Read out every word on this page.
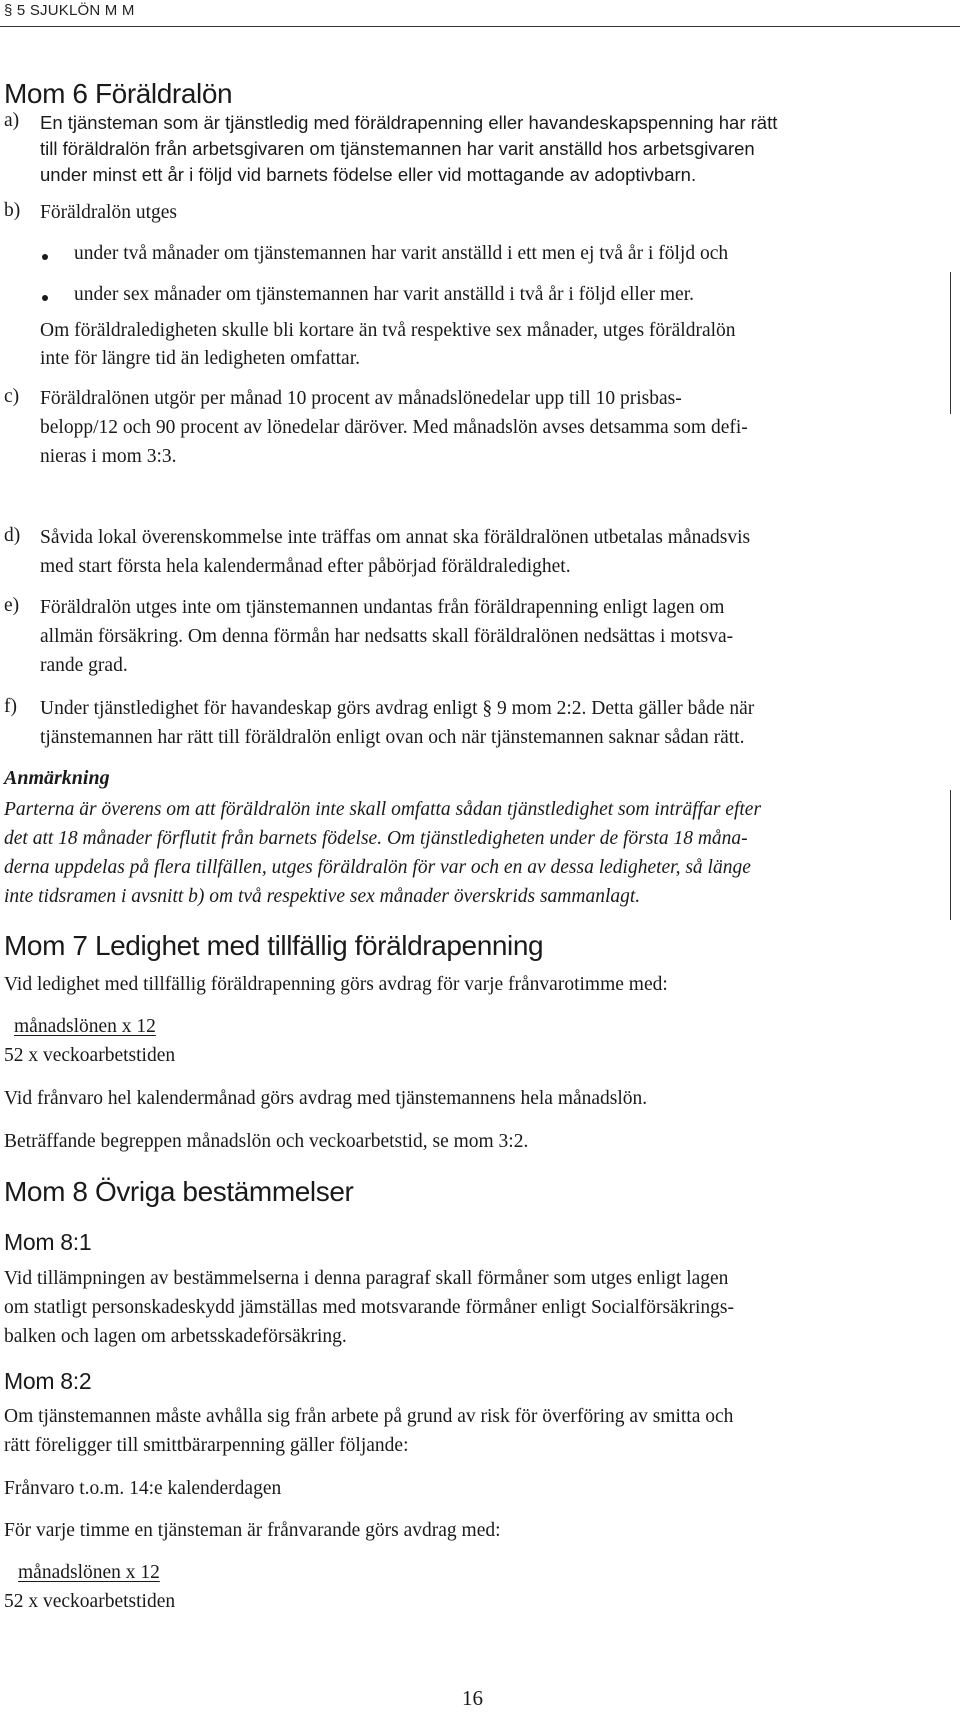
§ 5 SJUKLÖN M M
Mom 6 Föräldralön
a) En tjänsteman som är tjänstledig med föräldrapenning eller havandeskapspenning har rätt
till föräldralön från arbetsgivaren om tjänstemannen har varit anställd hos arbetsgivaren
under minst ett år i följd vid barnets födelse eller vid mottagande av adoptivbarn.
b) Föräldralön utges
under två månader om tjänstemannen har varit anställd i ett men ej två år i följd och
under sex månader om tjänstemannen har varit anställd i två år i följd eller mer.
Om föräldraledigheten skulle bli kortare än två respektive sex månader, utges föräldralön
inte för längre tid än ledigheten omfattar.
c) Föräldralönen utgör per månad 10 procent av månadslönedelar upp till 10 prisbas-
belopp/12 och 90 procent av lönedelar däröver. Med månadslön avses detsamma som defi-
nieras i mom 3:3.
d) Såvida lokal överenskommelse inte träffas om annat ska föräldralönen utbetalas månadsvis
med start första hela kalendermånad efter påbörjad föräldraledighet.
e) Föräldralön utges inte om tjänstemannen undantas från föräldrapenning enligt lagen om
allmän försäkring. Om denna förmån har nedsatts skall föräldralönen nedsättas i motsva-
rande grad.
f) Under tjänstledighet för havandeskap görs avdrag enligt § 9 mom 2:2. Detta gäller både när
tjänstemannen har rätt till föräldralön enligt ovan och när tjänstemannen saknar sådan rätt.
Anmärkning
Parterna är överens om att föräldralön inte skall omfatta sådan tjänstledighet som inträffar efter
det att 18 månader förflutit från barnets födelse. Om tjänstledigheten under de första 18 måna-
derna uppdelas på flera tillfällen, utges föräldralön för var och en av dessa ledigheter, så länge
inte tidsramen i avsnitt b) om två respektive sex månader överskrids sammanlagt.
Mom 7 Ledighet med tillfällig föräldrapenning
Vid ledighet med tillfällig föräldrapenning görs avdrag för varje frånvarotimme med:
månadslönen x 12
52 x veckoarbetstiden
Vid frånvaro hel kalendermånad görs avdrag med tjänstemannens hela månadslön.
Beträffande begreppen månadslön och veckoarbetstid, se mom 3:2.
Mom 8 Övriga bestämmelser
Mom 8:1
Vid tillämpningen av bestämmelserna i denna paragraf skall förmåner som utges enligt lagen
om statligt personskadeskydd jämställas med motsvarande förmåner enligt Socialförsäkrings-
balken och lagen om arbetsskadeförsäkring.
Mom 8:2
Om tjänstemannen måste avhålla sig från arbete på grund av risk för överföring av smitta och
rätt föreligger till smittbärarpenning gäller följande:
Frånvaro t.o.m. 14:e kalenderdagen
För varje timme en tjänsteman är frånvarande görs avdrag med:
månadslönen x 12
52 x veckoarbetstiden
16
